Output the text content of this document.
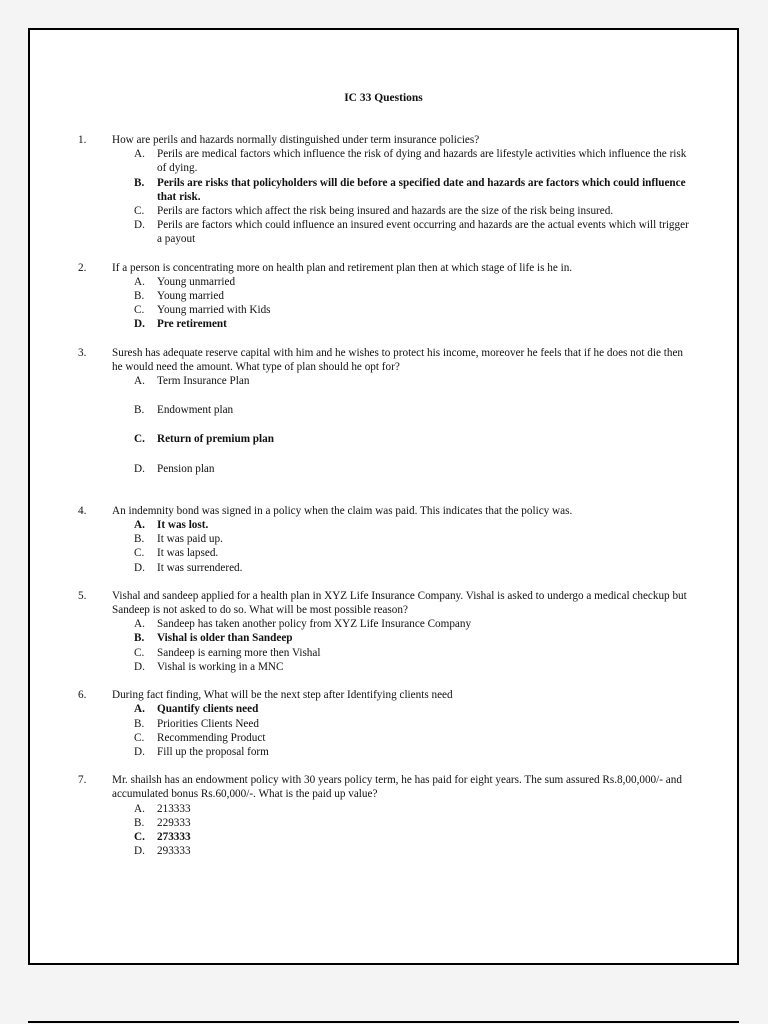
IC 33 Questions
1. How are perils and hazards normally distinguished under term insurance policies?
A. Perils are medical factors which influence the risk of dying and hazards are lifestyle activities which influence the risk of dying.
B. Perils are risks that policyholders will die before a specified date and hazards are factors which could influence that risk.
C. Perils are factors which affect the risk being insured and hazards are the size of the risk being insured.
D. Perils are factors which could influence an insured event occurring and hazards are the actual events which will trigger a payout
2. If a person is concentrating more on health plan and retirement plan then at which stage of life is he in.
A. Young unmarried
B. Young married
C. Young married with Kids
D. Pre retirement
3. Suresh has adequate reserve capital with him and he wishes to protect his income, moreover he feels that if he does not die then he would need the amount. What type of plan should he opt for?
A. Term Insurance Plan
B. Endowment plan
C. Return of premium plan
D. Pension plan
4. An indemnity bond was signed in a policy when the claim was paid. This indicates that the policy was.
A. It was lost.
B. It was paid up.
C. It was lapsed.
D. It was surrendered.
5. Vishal and sandeep applied for a health plan in XYZ Life Insurance Company. Vishal is asked to undergo a medical checkup but Sandeep is not asked to do so. What will be most possible reason?
A. Sandeep has taken another policy from XYZ Life Insurance Company
B. Vishal is older than Sandeep
C. Sandeep is earning more then Vishal
D. Vishal is working in a MNC
6. During fact finding, What will be the next step after Identifying clients need
A. Quantify clients need
B. Priorities Clients Need
C. Recommending Product
D. Fill up the proposal form
7. Mr. shailsh has an endowment policy with 30 years policy term, he has paid for eight years. The sum assured Rs.8,00,000/- and accumulated bonus Rs.60,000/-. What is the paid up value?
A. 213333
B. 229333
C. 273333
D. 293333
